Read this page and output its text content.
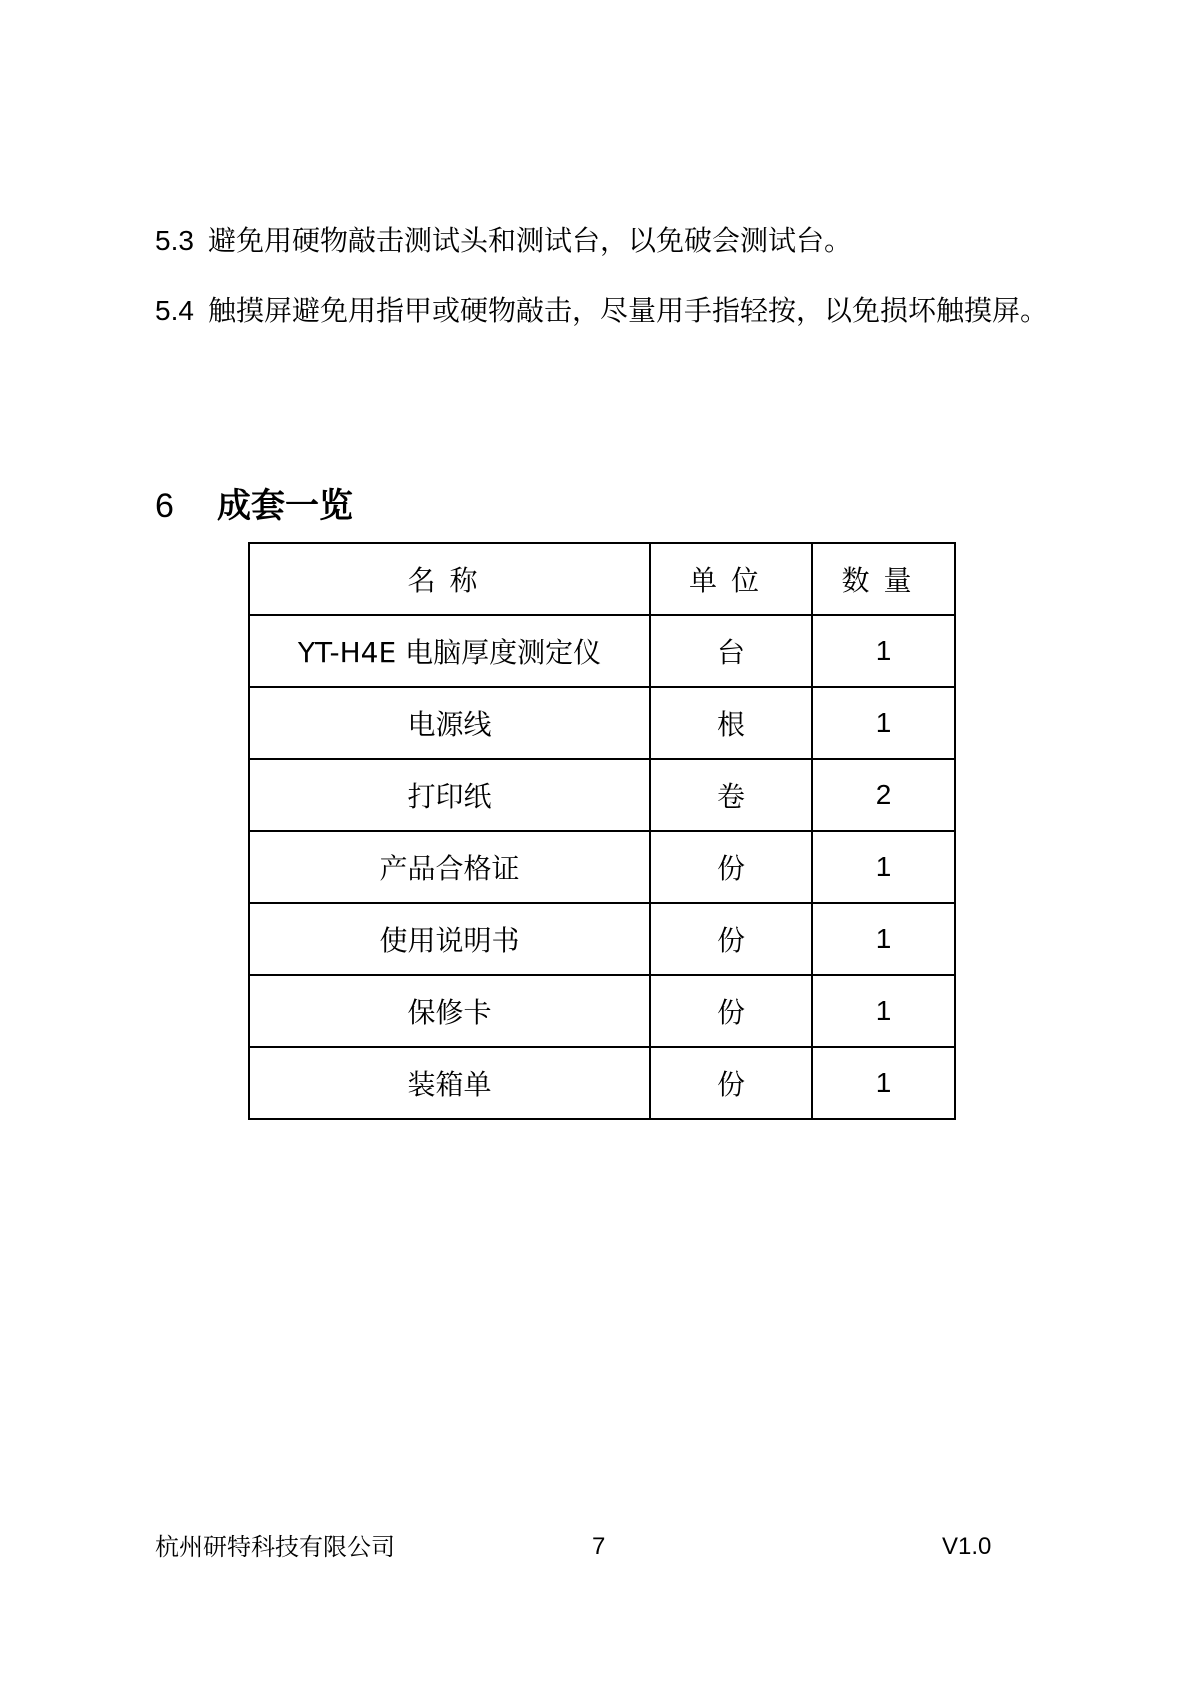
5.3 避免用硬物敲击测试头和测试台，以免破会测试台。

5.4 触摸屏避免用指甲或硬物敲击，尽量用手指轻按，以免损坏触摸屏。

6 成套一览
名称	单位	数量
YT-H4E 电脑厚度测定仪	台	1
电源线	根	1
打印纸	卷	2
产品合格证	份	1
使用说明书	份	1
保修卡	份	1
装箱单	份	1

杭州研特科技有限公司	7	V1.0
